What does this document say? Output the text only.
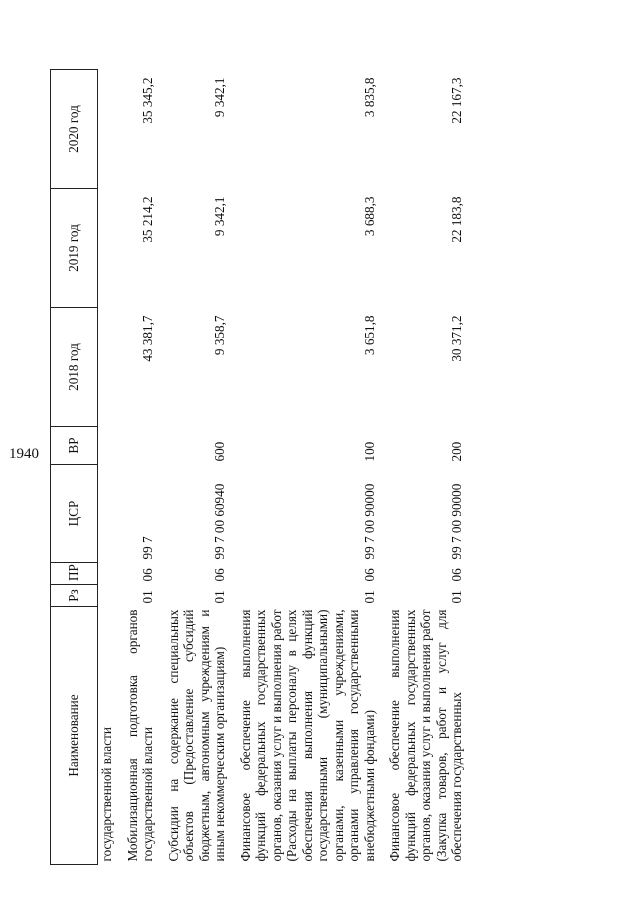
1940
Наименование	Рз	ПР	ЦСР	ВР	2018 год	2019 год	2020 год
государственной власти							
Мобилизационная подготовка органов государственной власти	01	06	99 7		43 381,7	35 214,2	35 345,2
Субсидии на содержание специальных объектов (Предоставление субсидий бюджетным, автономным учреждениям и иным некоммерческим организациям)	01	06	99 7 00 60940	600	9 358,7	9 342,1	9 342,1
Финансовое обеспечение выполнения функций федеральных государственных органов, оказания услуг и выполнения работ (Расходы на выплаты персоналу в целях обеспечения выполнения функций государственными (муниципальными) органами, казенными учреждениями, органами управления государственными внебюджетными фондами)	01	06	99 7 00 90000	100	3 651,8	3 688,3	3 835,8
Финансовое обеспечение выполнения функций федеральных государственных органов, оказания услуг и выполнения работ (Закупка товаров, работ и услуг для обеспечения государственных	01	06	99 7 00 90000	200	30 371,2	22 183,8	22 167,3
